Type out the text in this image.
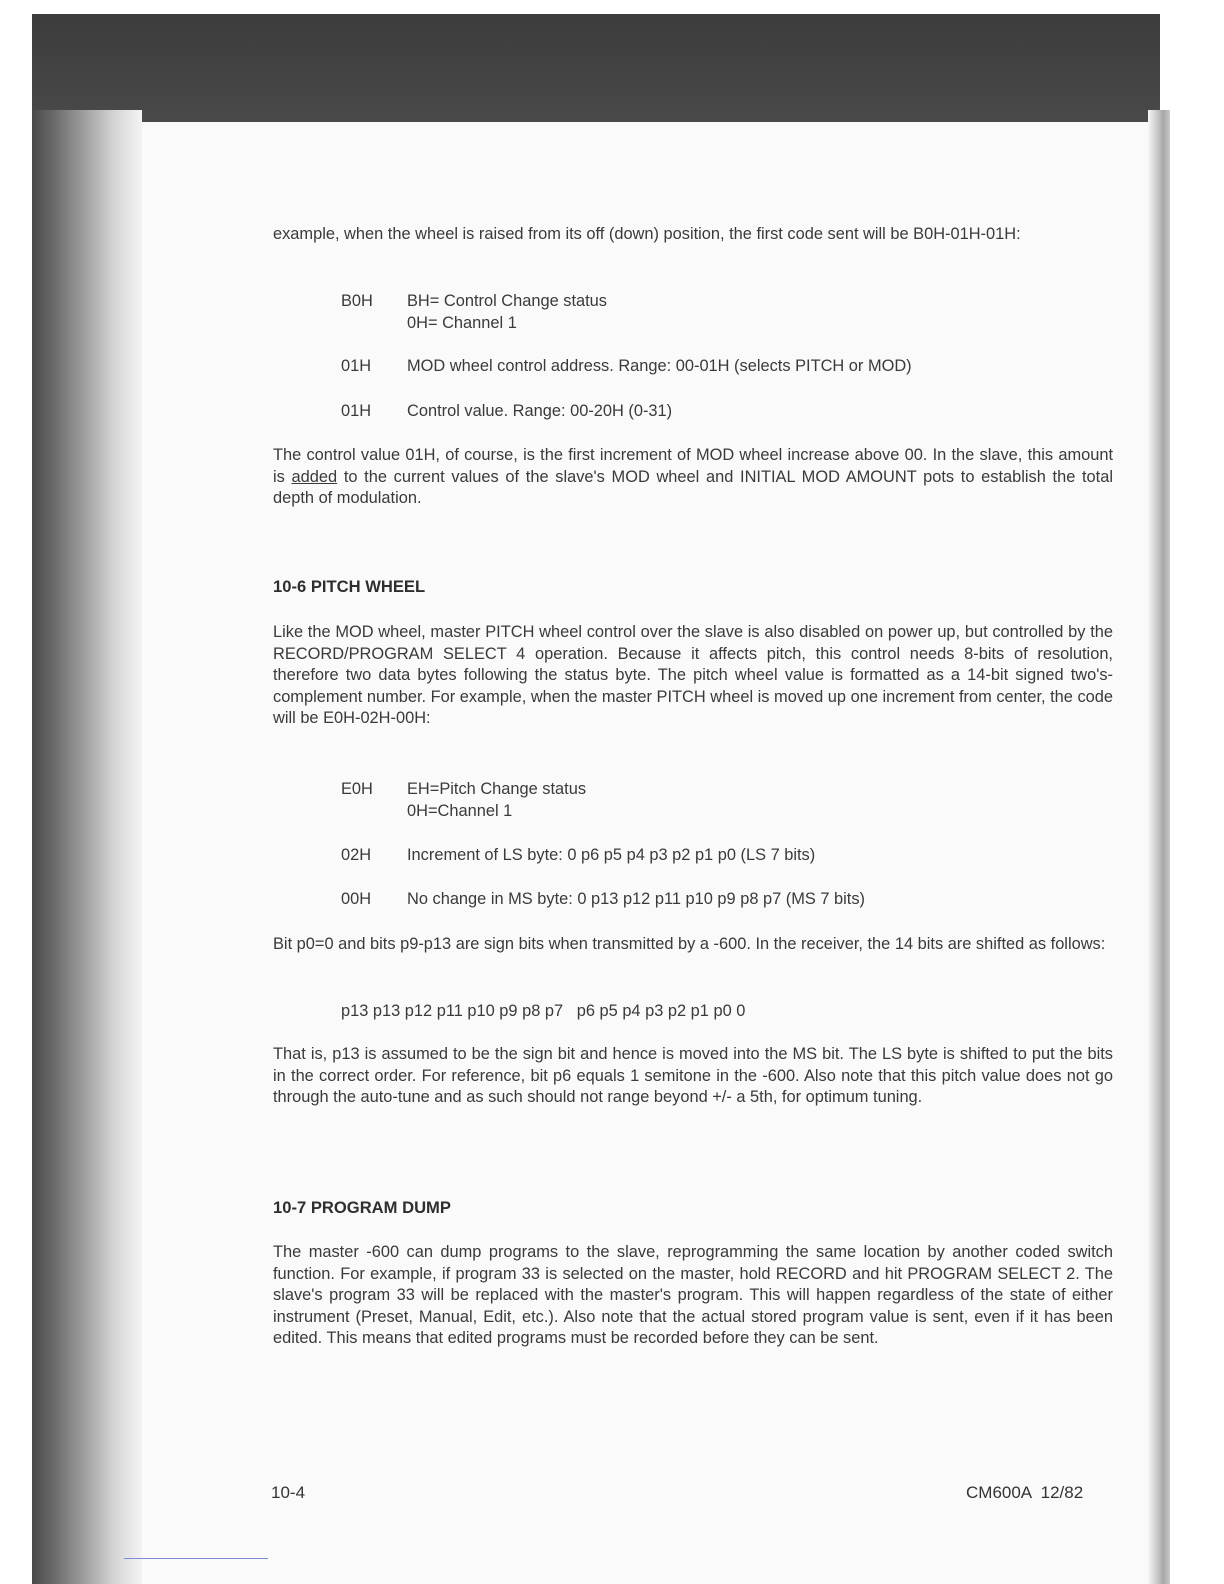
example, when the wheel is raised from its off (down) position, the first code sent will be B0H-01H-01H:

B0H BH= Control Change status
0H= Channel 1
01H MOD wheel control address. Range: 00-01H (selects PITCH or MOD)
01H Control value. Range: 00-20H (0-31)

The control value 01H, of course, is the first increment of MOD wheel increase above 00. In the slave, this amount is added to the current values of the slave's MOD wheel and INITIAL MOD AMOUNT pots to establish the total depth of modulation.

10-6 PITCH WHEEL

Like the MOD wheel, master PITCH wheel control over the slave is also disabled on power up, but controlled by the RECORD/PROGRAM SELECT 4 operation. Because it affects pitch, this control needs 8-bits of resolution, therefore two data bytes following the status byte. The pitch wheel value is formatted as a 14-bit signed two's-complement number. For example, when the master PITCH wheel is moved up one increment from center, the code will be E0H-02H-00H:

E0H EH=Pitch Change status
0H=Channel 1
02H Increment of LS byte: 0 p6 p5 p4 p3 p2 p1 p0 (LS 7 bits)
00H No change in MS byte: 0 p13 p12 p11 p10 p9 p8 p7 (MS 7 bits)

Bit p0=0 and bits p9-p13 are sign bits when transmitted by a -600. In the receiver, the 14 bits are shifted as follows:

p13 p13 p12 p11 p10 p9 p8 p7   p6 p5 p4 p3 p2 p1 p0 0

That is, p13 is assumed to be the sign bit and hence is moved into the MS bit. The LS byte is shifted to put the bits in the correct order. For reference, bit p6 equals 1 semitone in the -600. Also note that this pitch value does not go through the auto-tune and as such should not range beyond +/- a 5th, for optimum tuning.

10-7 PROGRAM DUMP

The master -600 can dump programs to the slave, reprogramming the same location by another coded switch function. For example, if program 33 is selected on the master, hold RECORD and hit PROGRAM SELECT 2. The slave's program 33 will be replaced with the master's program. This will happen regardless of the state of either instrument (Preset, Manual, Edit, etc.). Also note that the actual stored program value is sent, even if it has been edited. This means that edited programs must be recorded before they can be sent.

10-4	CM600A  12/82
